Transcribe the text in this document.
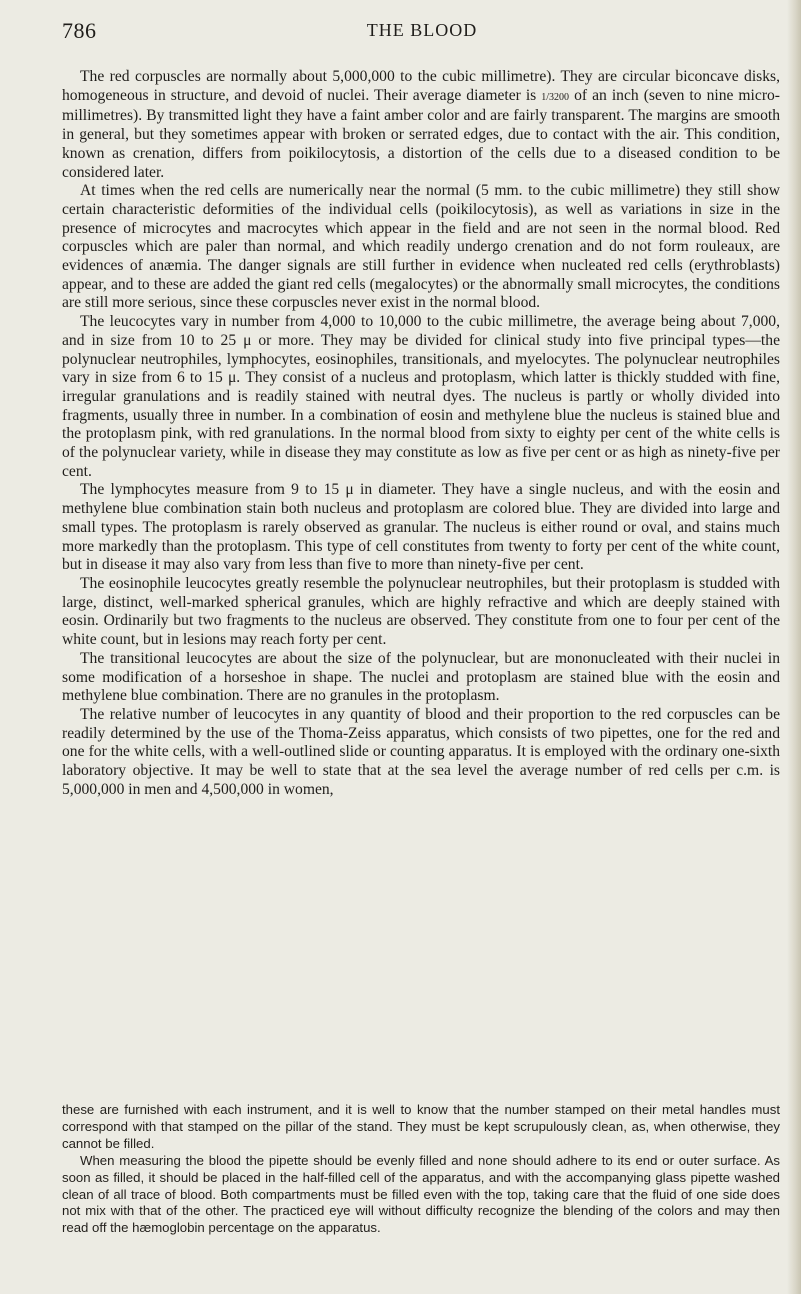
786	THE BLOOD

The red corpuscles are normally about 5,000,000 to the cubic millimetre). They are circular biconcave disks, homogeneous in structure, and devoid of nuclei. Their average diameter is 1/3200 of an inch (seven to nine micro-millimetres). By transmitted light they have a faint amber color and are fairly transparent. The margins are smooth in general, but they sometimes appear with broken or serrated edges, due to contact with the air. This condition, known as crenation, differs from poikilocytosis, a distortion of the cells due to a diseased condition to be considered later.

At times when the red cells are numerically near the normal (5 mm. to the cubic millimetre) they still show certain characteristic deformities of the individual cells (poikilocytosis), as well as variations in size in the presence of microcytes and macrocytes which appear in the field and are not seen in the normal blood. Red corpuscles which are paler than normal, and which readily undergo crenation and do not form rouleaux, are evidences of anæmia. The danger signals are still further in evidence when nucleated red cells (erythroblasts) appear, and to these are added the giant red cells (megalocytes) or the abnormally small microcytes, the conditions are still more serious, since these corpuscles never exist in the normal blood.

The leucocytes vary in number from 4,000 to 10,000 to the cubic millimetre, the average being about 7,000, and in size from 10 to 25 μ or more. They may be divided for clinical study into five principal types—the polynuclear neutrophiles, lymphocytes, eosinophiles, transitionals, and myelocytes. The polynuclear neutrophiles vary in size from 6 to 15 μ. They consist of a nucleus and protoplasm, which latter is thickly studded with fine, irregular granulations and is readily stained with neutral dyes. The nucleus is partly or wholly divided into fragments, usually three in number. In a combination of eosin and methylene blue the nucleus is stained blue and the protoplasm pink, with red granulations. In the normal blood from sixty to eighty per cent of the white cells is of the polynuclear variety, while in disease they may constitute as low as five per cent or as high as ninety-five per cent.

The lymphocytes measure from 9 to 15 μ in diameter. They have a single nucleus, and with the eosin and methylene blue combination stain both nucleus and protoplasm are colored blue. They are divided into large and small types. The protoplasm is rarely observed as granular. The nucleus is either round or oval, and stains much more markedly than the protoplasm. This type of cell constitutes from twenty to forty per cent of the white count, but in disease it may also vary from less than five to more than ninety-five per cent.

The eosinophile leucocytes greatly resemble the polynuclear neutrophiles, but their protoplasm is studded with large, distinct, well-marked spherical granules, which are highly refractive and which are deeply stained with eosin. Ordinarily but two fragments to the nucleus are observed. They constitute from one to four per cent of the white count, but in lesions may reach forty per cent.

The transitional leucocytes are about the size of the polynuclear, but are mononucleated with their nuclei in some modification of a horseshoe in shape. The nuclei and protoplasm are stained blue with the eosin and methylene blue combination. There are no granules in the protoplasm.

The relative number of leucocytes in any quantity of blood and their proportion to the red corpuscles can be readily determined by the use of the Thoma-Zeiss apparatus, which consists of two pipettes, one for the red and one for the white cells, with a well-outlined slide or counting apparatus. It is employed with the ordinary one-sixth laboratory objective. It may be well to state that at the sea level the average number of red cells per c.m. is 5,000,000 in men and 4,500,000 in women,

these are furnished with each instrument, and it is well to know that the number stamped on their metal handles must correspond with that stamped on the pillar of the stand. They must be kept scrupulously clean, as, when otherwise, they cannot be filled.

When measuring the blood the pipette should be evenly filled and none should adhere to its end or outer surface. As soon as filled, it should be placed in the half-filled cell of the apparatus, and with the accompanying glass pipette washed clean of all trace of blood. Both compartments must be filled even with the top, taking care that the fluid of one side does not mix with that of the other. The practiced eye will without difficulty recognize the blending of the colors and may then read off the hæmoglobin percentage on the apparatus.
